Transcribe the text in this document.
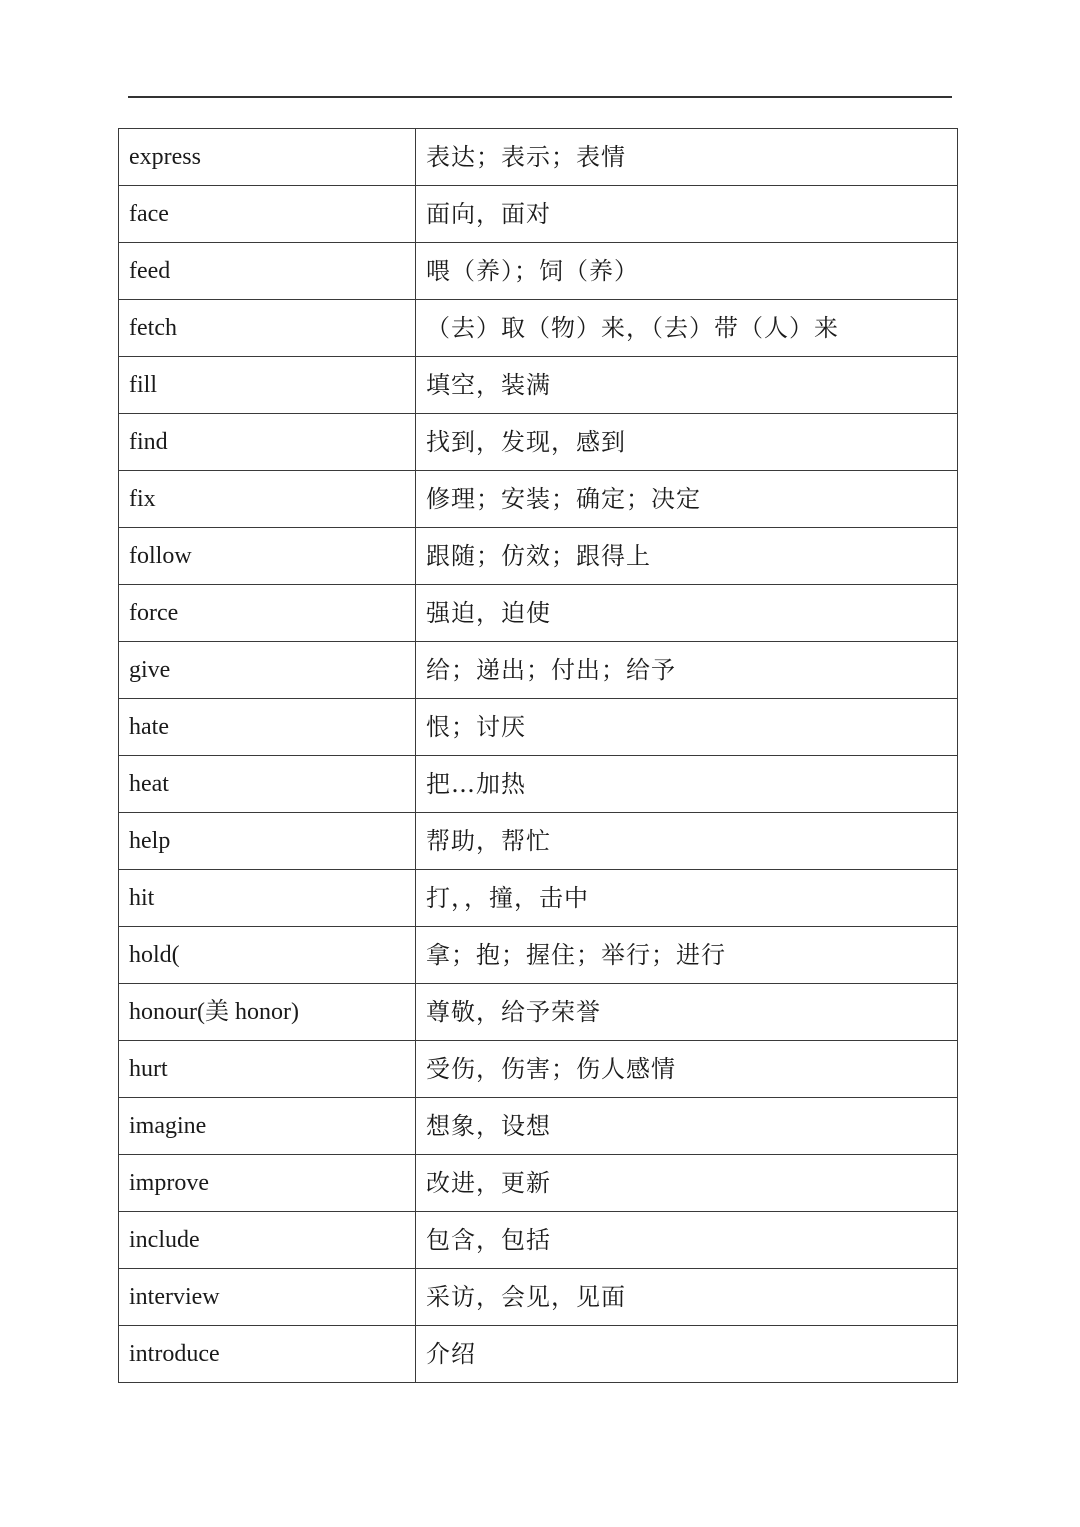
express	表达；表示；表情
face	面向，面对
feed	喂（养）；饲（养）
fetch	（去）取（物）来，（去）带（人）来
fill	填空，装满
find	找到，发现，感到
fix	修理；安装；确定；决定
follow	跟随；仿效；跟得上
force	强迫，迫使
give	给；递出；付出；给予
hate	恨；讨厌
heat	把…加热
help	帮助，帮忙
hit	打，，撞，击中
hold(	拿；抱；握住；举行；进行
honour(美 honor)	尊敬，给予荣誉
hurt	受伤，伤害；伤人感情
imagine	想象，设想
improve	改进，更新
include	包含，包括
interview	采访，会见，见面
introduce	介绍
